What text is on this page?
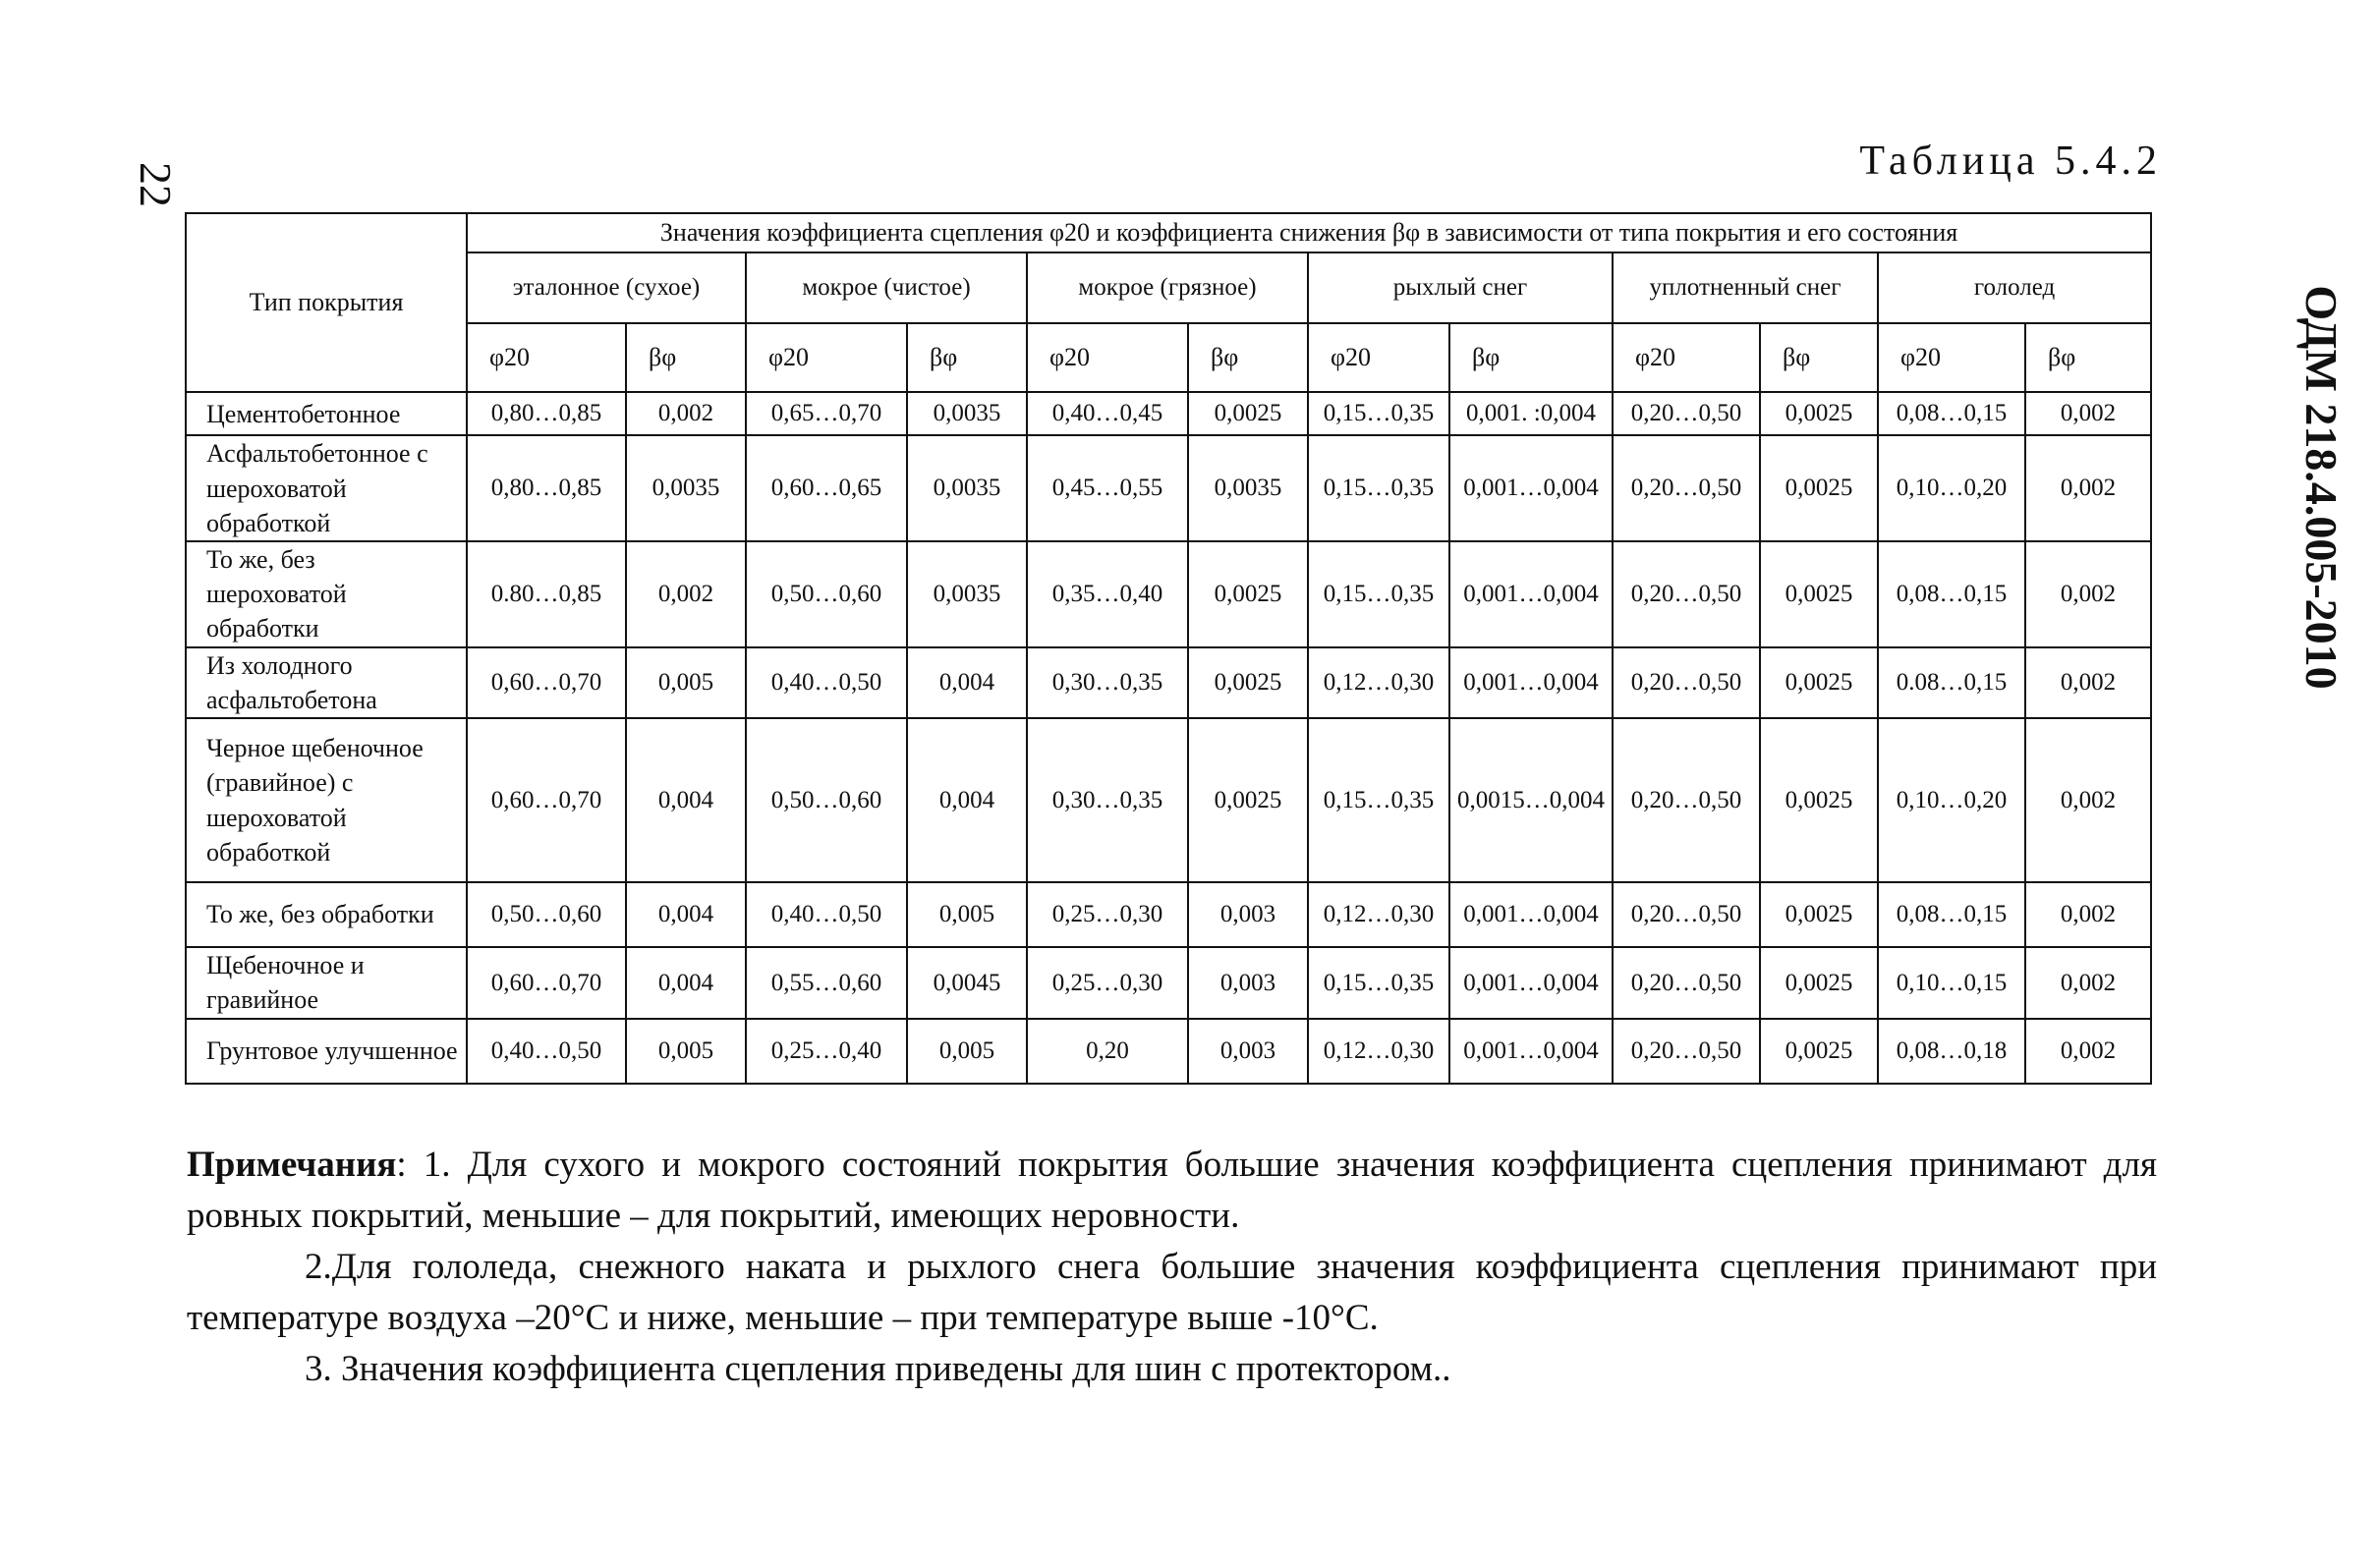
22
ОДМ 218.4.005-2010
Таблица 5.4.2
Тип покрытия	Значения коэффициента сцепления φ20 и коэффициента снижения βφ в зависимости от типа покрытия и его состояния											
	эталонное (сухое)		мокрое (чистое)		мокрое (грязное)		рыхлый снег		уплотненный снег		гололед	
	φ20	βφ	φ20	βφ	φ20	βφ	φ20	βφ	φ20	βφ	φ20	βφ
Цементобетонное	0,80…0,85	0,002	0,65…0,70	0,0035	0,40…0,45	0,0025	0,15…0,35	0,001. :0,004	0,20…0,50	0,0025	0,08…0,15	0,002
Асфальтобетонное с шероховатой обработкой	0,80…0,85	0,0035	0,60…0,65	0,0035	0,45…0,55	0,0035	0,15…0,35	0,001…0,004	0,20…0,50	0,0025	0,10…0,20	0,002
То же, без шероховатой обработки	0.80…0,85	0,002	0,50…0,60	0,0035	0,35…0,40	0,0025	0,15…0,35	0,001…0,004	0,20…0,50	0,0025	0,08…0,15	0,002
Из холодного асфальтобетона	0,60…0,70	0,005	0,40…0,50	0,004	0,30…0,35	0,0025	0,12…0,30	0,001…0,004	0,20…0,50	0,0025	0.08…0,15	0,002
Черное щебеночное (гравийное) с шероховатой обработкой	0,60…0,70	0,004	0,50…0,60	0,004	0,30…0,35	0,0025	0,15…0,35	0,0015…0,004	0,20…0,50	0,0025	0,10…0,20	0,002
То же, без обработки	0,50…0,60	0,004	0,40…0,50	0,005	0,25…0,30	0,003	0,12…0,30	0,001…0,004	0,20…0,50	0,0025	0,08…0,15	0,002
Щебеночное и гравийное	0,60…0,70	0,004	0,55…0,60	0,0045	0,25…0,30	0,003	0,15…0,35	0,001…0,004	0,20…0,50	0,0025	0,10…0,15	0,002
Грунтовое улучшенное	0,40…0,50	0,005	0,25…0,40	0,005	0,20	0,003	0,12…0,30	0,001…0,004	0,20…0,50	0,0025	0,08…0,18	0,002

Примечания: 1. Для сухого и мокрого состояний покрытия большие значения коэффициента сцепления принимают для ровных покрытий, меньшие – для покрытий, имеющих неровности.

2.Для гололеда, снежного наката и рыхлого снега большие значения коэффициента сцепления принимают при температуре воздуха –20°С и ниже, меньшие – при температуре выше -10°С.

3. Значения коэффициента сцепления приведены для шин с протектором..
